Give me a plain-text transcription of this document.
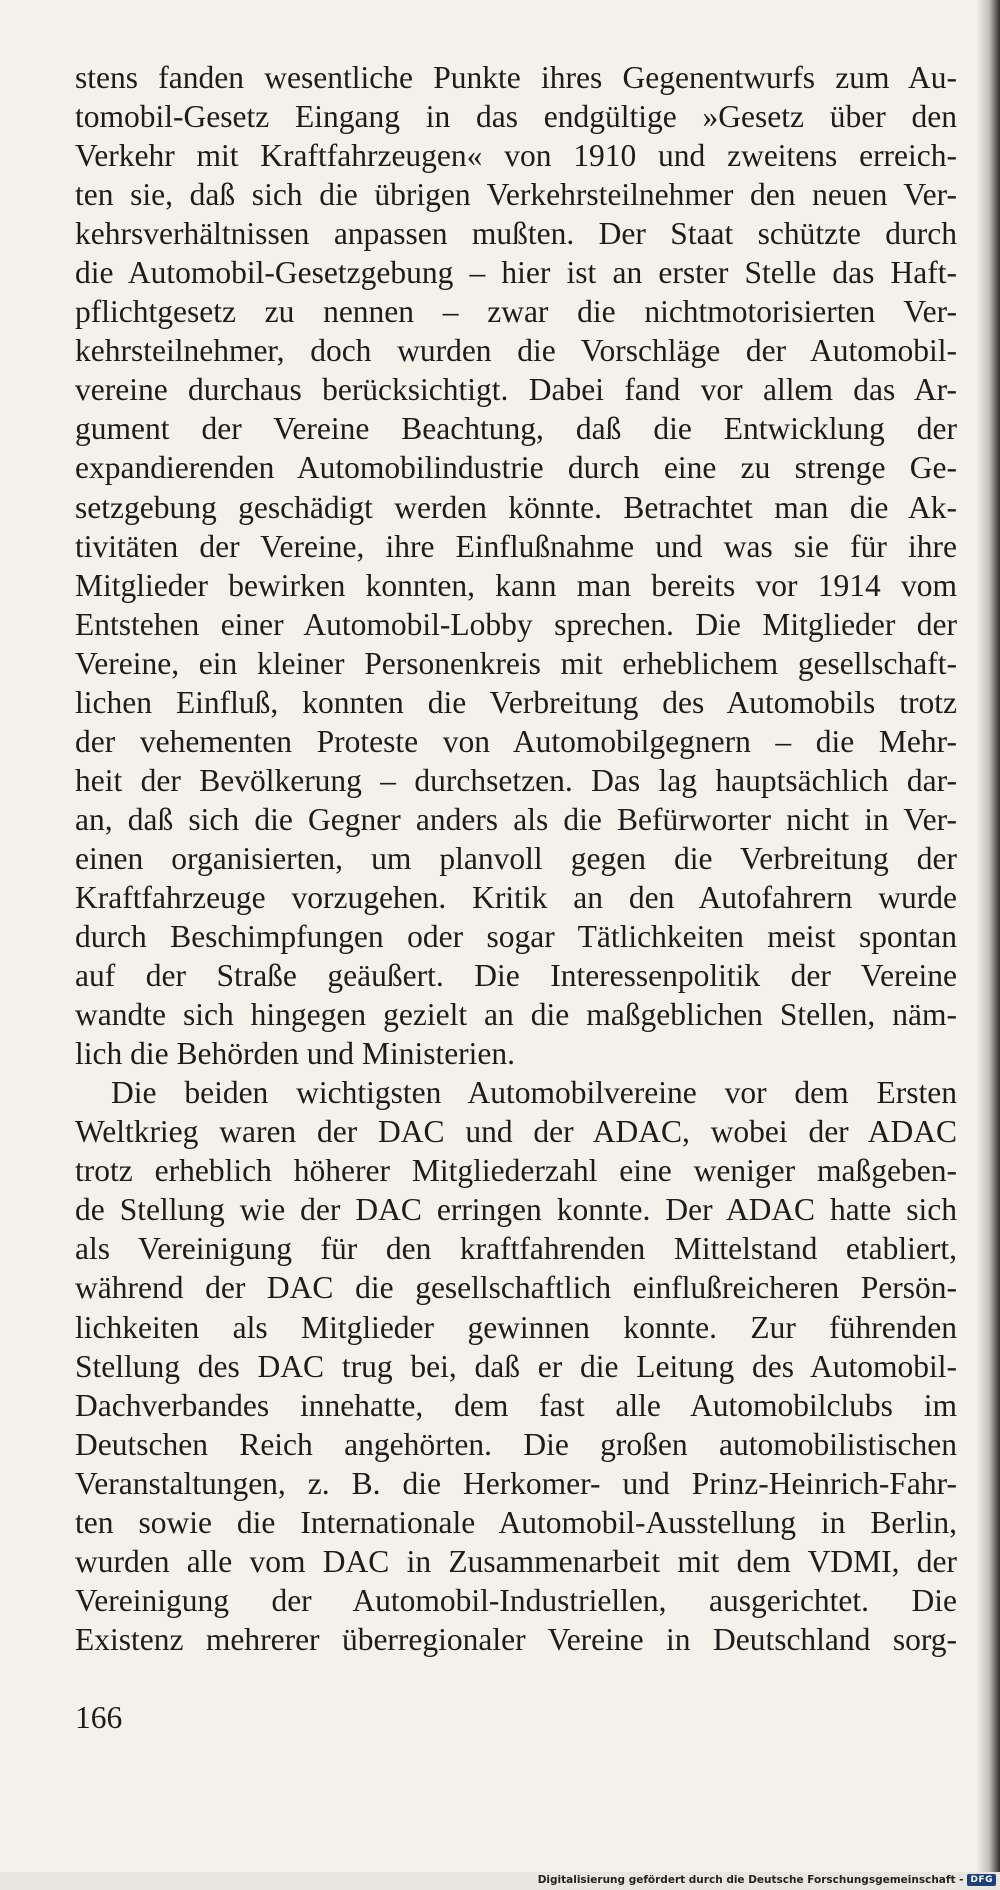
stens fanden wesentliche Punkte ihres Gegenentwurfs zum Au-
tomobil-Gesetz Eingang in das endgültige »Gesetz über den
Verkehr mit Kraftfahrzeugen« von 1910 und zweitens erreich-
ten sie, daß sich die übrigen Verkehrsteilnehmer den neuen Ver-
kehrsverhältnissen anpassen mußten. Der Staat schützte durch
die Automobil-Gesetzgebung – hier ist an erster Stelle das Haft-
pflichtgesetz zu nennen – zwar die nichtmotorisierten Ver-
kehrsteilnehmer, doch wurden die Vorschläge der Automobil-
vereine durchaus berücksichtigt. Dabei fand vor allem das Ar-
gument der Vereine Beachtung, daß die Entwicklung der
expandierenden Automobilindustrie durch eine zu strenge Ge-
setzgebung geschädigt werden könnte. Betrachtet man die Ak-
tivitäten der Vereine, ihre Einflußnahme und was sie für ihre
Mitglieder bewirken konnten, kann man bereits vor 1914 vom
Entstehen einer Automobil-Lobby sprechen. Die Mitglieder der
Vereine, ein kleiner Personenkreis mit erheblichem gesellschaft-
lichen Einfluß, konnten die Verbreitung des Automobils trotz
der vehementen Proteste von Automobilgegnern – die Mehr-
heit der Bevölkerung – durchsetzen. Das lag hauptsächlich dar-
an, daß sich die Gegner anders als die Befürworter nicht in Ver-
einen organisierten, um planvoll gegen die Verbreitung der
Kraftfahrzeuge vorzugehen. Kritik an den Autofahrern wurde
durch Beschimpfungen oder sogar Tätlichkeiten meist spontan
auf der Straße geäußert. Die Interessenpolitik der Vereine
wandte sich hingegen gezielt an die maßgeblichen Stellen, näm-
lich die Behörden und Ministerien.
Die beiden wichtigsten Automobilvereine vor dem Ersten
Weltkrieg waren der DAC und der ADAC, wobei der ADAC
trotz erheblich höherer Mitgliederzahl eine weniger maßgeben-
de Stellung wie der DAC erringen konnte. Der ADAC hatte sich
als Vereinigung für den kraftfahrenden Mittelstand etabliert,
während der DAC die gesellschaftlich einflußreicheren Persön-
lichkeiten als Mitglieder gewinnen konnte. Zur führenden
Stellung des DAC trug bei, daß er die Leitung des Automobil-
Dachverbandes innehatte, dem fast alle Automobilclubs im
Deutschen Reich angehörten. Die großen automobilistischen
Veranstaltungen, z. B. die Herkomer- und Prinz-Heinrich-Fahr-
ten sowie die Internationale Automobil-Ausstellung in Berlin,
wurden alle vom DAC in Zusammenarbeit mit dem VDMI, der
Vereinigung der Automobil-Industriellen, ausgerichtet. Die
Existenz mehrerer überregionaler Vereine in Deutschland sorg-
166
Digitalisierung gefördert durch die Deutsche Forschungsgemeinschaft - DFG
